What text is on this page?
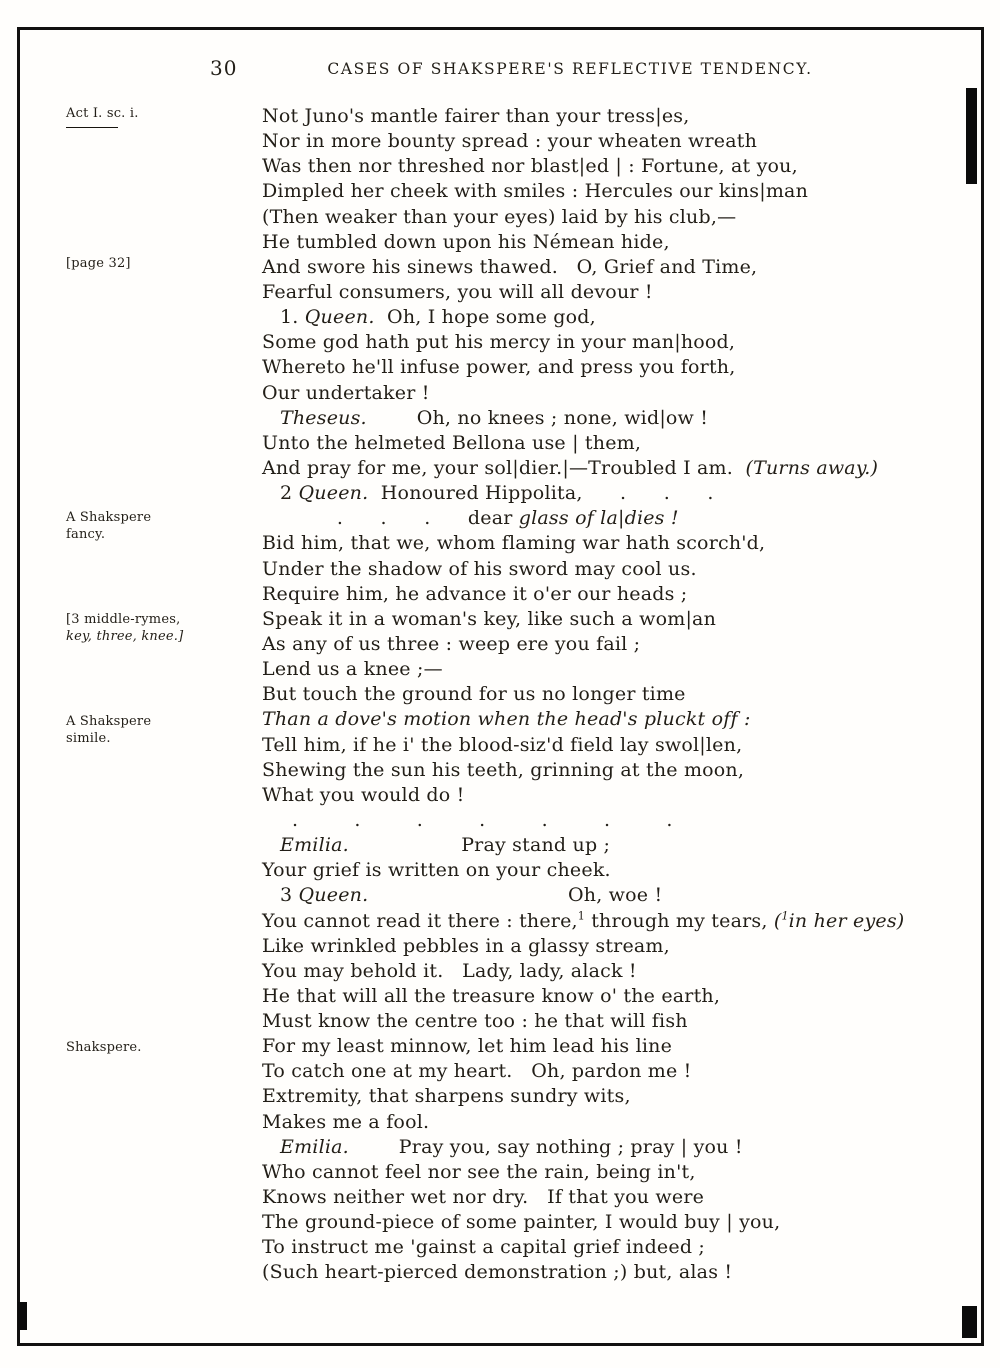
30	CASES OF SHAKSPERE'S REFLECTIVE TENDENCY.
Act I. sc. i.
[page 32]
A Shakspere
fancy.
[3 middle-rymes,
key, three, knee.]
A Shakspere
simile.
Shakspere.
Not Juno's mantle fairer than your tress|es,
Nor in more bounty spread : your wheaten wreath
Was then nor threshed nor blast|ed | : Fortune, at you,
Dimpled her cheek with smiles : Hercules our kins|man
(Then weaker than your eyes) laid by his club,—
He tumbled down upon his Némean hide,
And swore his sinews thawed.   O, Grief and Time,
Fearful consumers, you will all devour !
1. Queen.  Oh, I hope some god,
Some god hath put his mercy in your man|hood,
Whereto he'll infuse power, and press you forth,
Our undertaker !
Theseus.        Oh, no knees ; none, wid|ow !
Unto the helmeted Bellona use | them,
And pray for me, your sol|dier.|—Troubled I am.  (Turns away.)
2 Queen.  Honoured Hippolita,      .      .      .
.      .      .      dear glass of la|dies !
Bid him, that we, whom flaming war hath scorch'd,
Under the shadow of his sword may cool us.
Require him, he advance it o'er our heads ;
Speak it in a woman's key, like such a wom|an
As any of us three : weep ere you fail ;
Lend us a knee ;—
But touch the ground for us no longer time
Than a dove's motion when the head's pluckt off :
Tell him, if he i' the blood-siz'd field lay swol|len,
Shewing the sun his teeth, grinning at the moon,
What you would do !
.         .         .         .         .         .         .
Emilia.                  Pray stand up ;
Your grief is written on your cheek.
3 Queen.                                Oh, woe !
You cannot read it there : there,$^1$ through my tears, ($^1$in her eyes)
Like wrinkled pebbles in a glassy stream,
You may behold it.   Lady, lady, alack !
He that will all the treasure know o' the earth,
Must know the centre too : he that will fish
For my least minnow, let him lead his line
To catch one at my heart.   Oh, pardon me !
Extremity, that sharpens sundry wits,
Makes me a fool.
Emilia.        Pray you, say nothing ; pray | you !
Who cannot feel nor see the rain, being in't,
Knows neither wet nor dry.   If that you were
The ground-piece of some painter, I would buy | you,
To instruct me 'gainst a capital grief indeed ;
(Such heart-pierced demonstration ;) but, alas !
